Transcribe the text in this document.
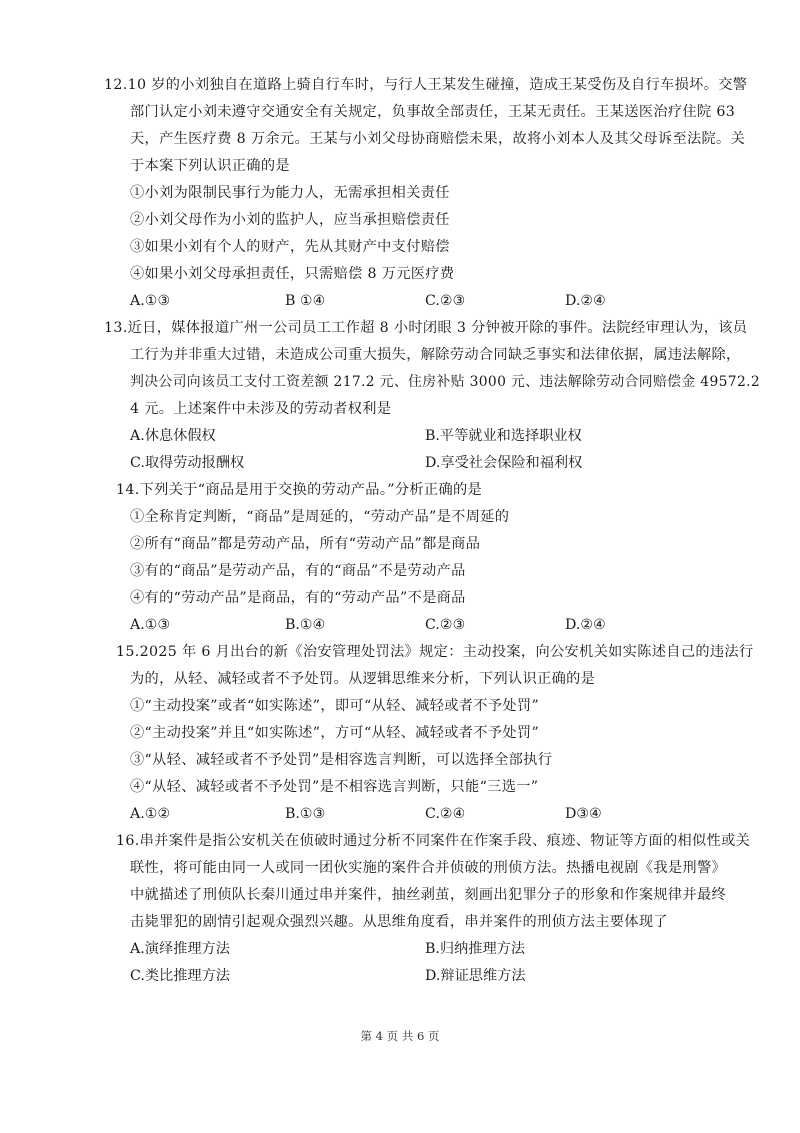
12.10 岁的小刘独自在道路上骑自行车时，与行人王某发生碰撞，造成王某受伤及自行车损坏。交警
部门认定小刘未遵守交通安全有关规定，负事故全部责任，王某无责任。王某送医治疗住院 63
天，产生医疗费 8 万余元。王某与小刘父母协商赔偿未果，故将小刘本人及其父母诉至法院。关
于本案下列认识正确的是
①小刘为限制民事行为能力人，无需承担相关责任
②小刘父母作为小刘的监护人，应当承担赔偿责任
③如果小刘有个人的财产，先从其财产中支付赔偿
④如果小刘父母承担责任，只需赔偿 8 万元医疗费
A.①③	B ①④	C.②③	D.②④
13.近日，媒体报道广州一公司员工工作超 8 小时闭眼 3 分钟被开除的事件。法院经审理认为，该员
工行为并非重大过错，未造成公司重大损失，解除劳动合同缺乏事实和法律依据，属违法解除，
判决公司向该员工支付工资差额 217.2 元、住房补贴 3000 元、违法解除劳动合同赔偿金 49572.2
4 元。上述案件中未涉及的劳动者权利是
A.休息休假权	B.平等就业和选择职业权
C.取得劳动报酬权	D.享受社会保险和福利权
14.下列关于“商品是用于交换的劳动产品。”分析正确的是
①全称肯定判断，“商品”是周延的，“劳动产品”是不周延的
②所有“商品”都是劳动产品，所有“劳动产品”都是商品
③有的“商品”是劳动产品，有的“商品”不是劳动产品
④有的“劳动产品”是商品，有的“劳动产品”不是商品
A.①③	B.①④	C.②③	D.②④
15.2025 年 6 月出台的新《治安管理处罚法》规定：主动投案，向公安机关如实陈述自己的违法行
为的，从轻、减轻或者不予处罚。从逻辑思维来分析，下列认识正确的是
①“主动投案”或者“如实陈述”，即可“从轻、减轻或者不予处罚”
②“主动投案”并且“如实陈述”，方可“从轻、减轻或者不予处罚”
③“从轻、减轻或者不予处罚”是相容选言判断，可以选择全部执行
④“从轻、减轻或者不予处罚”是不相容选言判断，只能“三选一”
A.①②	B.①③	C.②④	D③④
16.串并案件是指公安机关在侦破时通过分析不同案件在作案手段、痕迹、物证等方面的相似性或关
联性，将可能由同一人或同一团伙实施的案件合并侦破的刑侦方法。热播电视剧《我是刑警》
中就描述了刑侦队长秦川通过串并案件，抽丝剥茧，刻画出犯罪分子的形象和作案规律并最终
击毙罪犯的剧情引起观众强烈兴趣。从思维角度看，串并案件的刑侦方法主要体现了
A.演绎推理方法	B.归纳推理方法
C.类比推理方法	D.辩证思维方法
第 4 页 共 6 页
